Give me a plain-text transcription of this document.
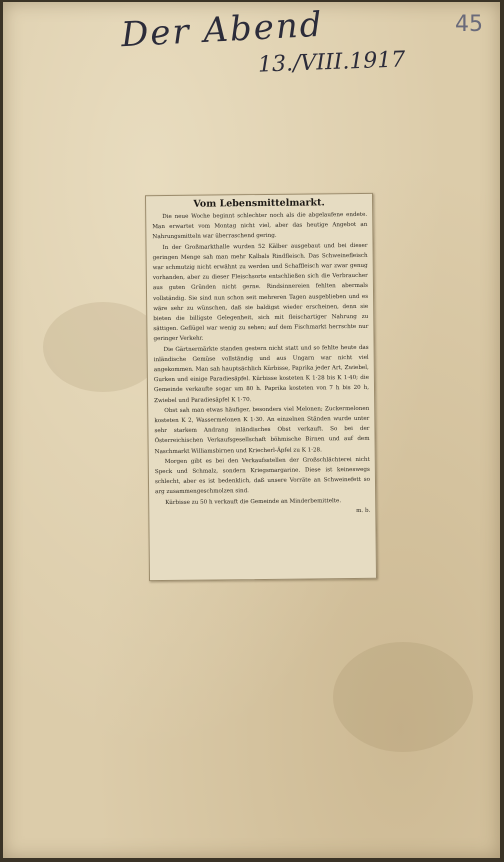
Der Abend
13./VIII.1917
45
Vom Lebensmittelmarkt.

Die neue Woche beginnt schlechter noch als die abgelaufene endete. Man erwartet vom Montag nicht viel, aber das heutige Angebot an Nahrungsmitteln war überraschend gering.

In der Großmarkthalle wurden 52 Kälber ausgebaut und bei dieser geringen Menge sah man mehr Kalbals Rindfleisch. Das Schweinefleisch war schmutzig nicht erwähnt zu werden und Schaffleisch war zwar genug vorhanden, aber zu dieser Fleischsorte entschließen sich die Verbraucher aus guten Gründen nicht gerne. Rindsinnereien fehlten abermals vollständig. Sie sind nun schon seit mehreren Tagen ausgeblieben und es wäre sehr zu wünschen, daß sie baldigst wieder erscheinen, denn sie bieten die billigste Gelegenheit, sich mit fleischartiger Nahrung zu sättigen. Geflügel war wenig zu sehen; auf dem Fischmarkt herrschte nur geringer Verkehr.

Die Gärtnermärkte standen gestern nicht statt und so fehlte heute das inländische Gemüse vollständig und aus Ungarn war nicht viel angekommen. Man sah hauptsächlich Kürbisse, Paprika jeder Art, Zwiebel, Gurken und einige Paradiesäpfel. Kürbisse kosteten K 1·28 bis K 1·40; die Gemeinde verkaufte sogar um 80 h. Paprika kosteten von 7 h bis 20 h, Zwiebel und Paradiesäpfel K 1·70.

Obst sah man etwas häufiger, besonders viel Melonen; Zuckermelonen kosteten K 2, Wassermelonen K 1·30. An einzelnen Ständen wurde unter sehr starkem Andrang inländisches Obst verkauft. So bei der Österreichischen Verkaufsgesellschaft böhmische Birnen und auf dem Naschmarkt Williamsbirnen und Kriecherl-Äpfel zu K 1·28.

Morgen gibt es bei den Verkaufsstellen der Großschlächterei nicht Speck und Schmalz, sondern Kriegsmargarine. Diese ist keineswegs schlecht, aber es ist bedenklich, daß unsere Vorräte an Schweinefett so arg zusammengeschmolzen sind.

Kürbisse zu 50 h verkauft die Gemeinde an Minderbemittelte.

m. b.
